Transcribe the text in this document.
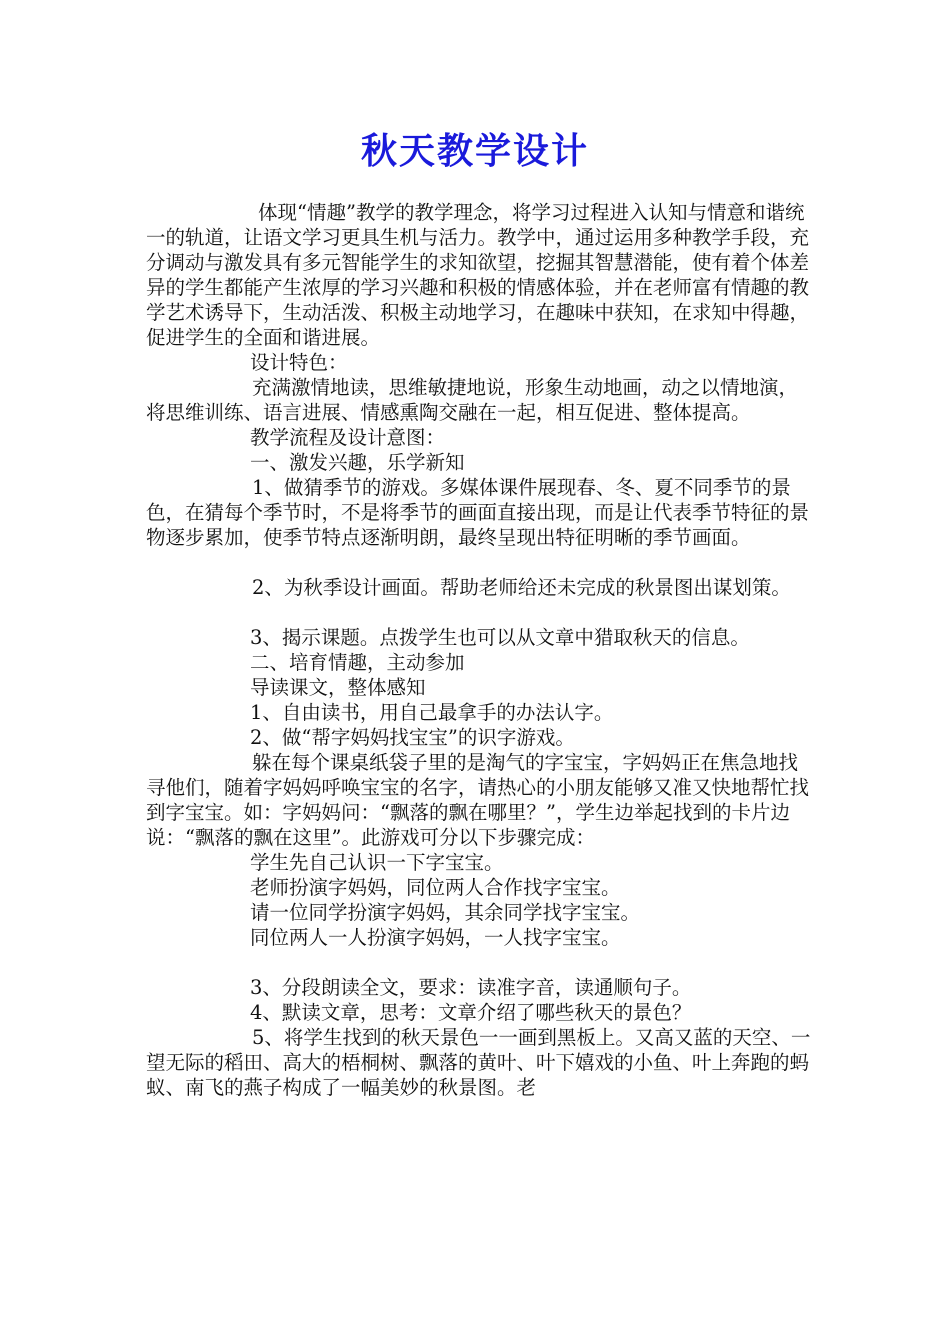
秋天教学设计

体现“情趣”教学的教学理念，将学习过程进入认知与情意和谐统一的轨道，让语文学习更具生机与活力。教学中，通过运用多种教学手段，充分调动与激发具有多元智能学生的求知欲望，挖掘其智慧潜能，使有着个体差异的学生都能产生浓厚的学习兴趣和积极的情感体验，并在老师富有情趣的教学艺术诱导下，生动活泼、积极主动地学习，在趣味中获知，在求知中得趣，促进学生的全面和谐进展。

设计特色：

充满激情地读，思维敏捷地说，形象生动地画，动之以情地演，将思维训练、语言进展、情感熏陶交融在一起，相互促进、整体提高。

教学流程及设计意图：

一、激发兴趣，乐学新知

1、做猜季节的游戏。多媒体课件展现春、冬、夏不同季节的景色，在猜每个季节时，不是将季节的画面直接出现，而是让代表季节特征的景物逐步累加，使季节特点逐渐明朗，最终呈现出特征明晰的季节画面。

2、为秋季设计画面。帮助老师给还未完成的秋景图出谋划策。

3、揭示课题。点拨学生也可以从文章中猎取秋天的信息。

二、培育情趣，主动参加

导读课文，整体感知

1、自由读书，用自己最拿手的办法认字。

2、做“帮字妈妈找宝宝”的识字游戏。

躲在每个课桌纸袋子里的是淘气的字宝宝，字妈妈正在焦急地找寻他们，随着字妈妈呼唤宝宝的名字，请热心的小朋友能够又准又快地帮忙找到字宝宝。如：字妈妈问：“飘落的飘在哪里？”，学生边举起找到的卡片边说：“飘落的飘在这里”。此游戏可分以下步骤完成：

学生先自己认识一下字宝宝。

老师扮演字妈妈，同位两人合作找字宝宝。

请一位同学扮演字妈妈，其余同学找字宝宝。

同位两人一人扮演字妈妈，一人找字宝宝。

3、分段朗读全文，要求：读准字音，读通顺句子。

4、默读文章，思考：文章介绍了哪些秋天的景色？

5、将学生找到的秋天景色一一画到黑板上。又高又蓝的天空、一望无际的稻田、高大的梧桐树、飘落的黄叶、叶下嬉戏的小鱼、叶上奔跑的蚂蚁、南飞的燕子构成了一幅美妙的秋景图。老
